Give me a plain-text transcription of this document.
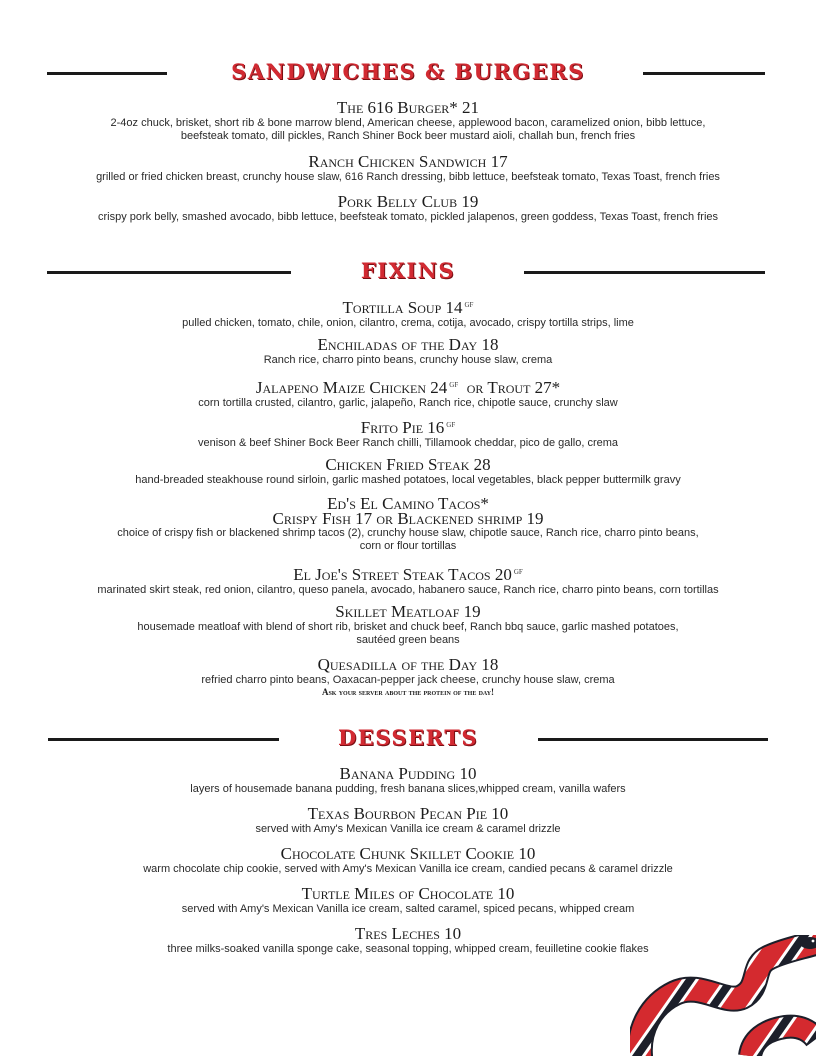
SANDWICHES & BURGERS
The 616 Burger* 21
2-4oz chuck, brisket, short rib & bone marrow blend, American cheese, applewood bacon, caramelized onion, bibb lettuce,
beefsteak tomato, dill pickles, Ranch Shiner Bock beer mustard aioli, challah bun, french fries
Ranch Chicken Sandwich 17
grilled or fried chicken breast, crunchy house slaw, 616 Ranch dressing, bibb lettuce, beefsteak tomato, Texas Toast, french fries
Pork Belly Club 19
crispy pork belly, smashed avocado, bibb lettuce, beefsteak tomato, pickled jalapenos, green goddess, Texas Toast, french fries
FIXINS
Tortilla Soup 14 $^{GF}$
pulled chicken, tomato, chile, onion, cilantro, crema, cotija, avocado, crispy tortilla strips, lime
Enchiladas of the Day 18
Ranch rice, charro pinto beans, crunchy house slaw, crema
Jalapeno Maize Chicken 24 $^{GF}$ or Trout 27*
corn tortilla crusted, cilantro, garlic, jalapeño, Ranch rice, chipotle sauce, crunchy slaw
Frito Pie 16 $^{GF}$
venison & beef Shiner Bock Beer Ranch chilli, Tillamook cheddar, pico de gallo, crema
Chicken Fried Steak 28
hand-breaded steakhouse round sirloin, garlic mashed potatoes, local vegetables, black pepper buttermilk gravy
Ed's El Camino Tacos*
Crispy Fish 17 or Blackened shrimp 19
choice of crispy fish or blackened shrimp tacos (2), crunchy house slaw, chipotle sauce, Ranch rice, charro pinto beans,
corn or flour tortillas
El Joe's Street Steak Tacos 20 $^{GF}$
marinated skirt steak, red onion, cilantro, queso panela, avocado, habanero sauce, Ranch rice, charro pinto beans, corn tortillas
Skillet Meatloaf 19
housemade meatloaf with blend of short rib, brisket and chuck beef, Ranch bbq sauce, garlic mashed potatoes,
sautéed green beans
Quesadilla of the Day 18
refried charro pinto beans, Oaxacan-pepper jack cheese, crunchy house slaw, crema
Ask your server about the protein of the day!
DESSERTS
Banana Pudding 10
layers of housemade banana pudding, fresh banana slices,whipped cream, vanilla wafers
Texas Bourbon Pecan Pie 10
served with Amy's Mexican Vanilla ice cream & caramel drizzle
Chocolate Chunk Skillet Cookie 10
warm chocolate chip cookie, served with Amy's Mexican Vanilla ice cream, candied pecans & caramel drizzle
Turtle Miles of Chocolate 10
served with Amy's Mexican Vanilla ice cream, salted caramel, spiced pecans, whipped cream
Tres Leches 10
three milks-soaked vanilla sponge cake, seasonal topping, whipped cream, feuilletine cookie flakes
